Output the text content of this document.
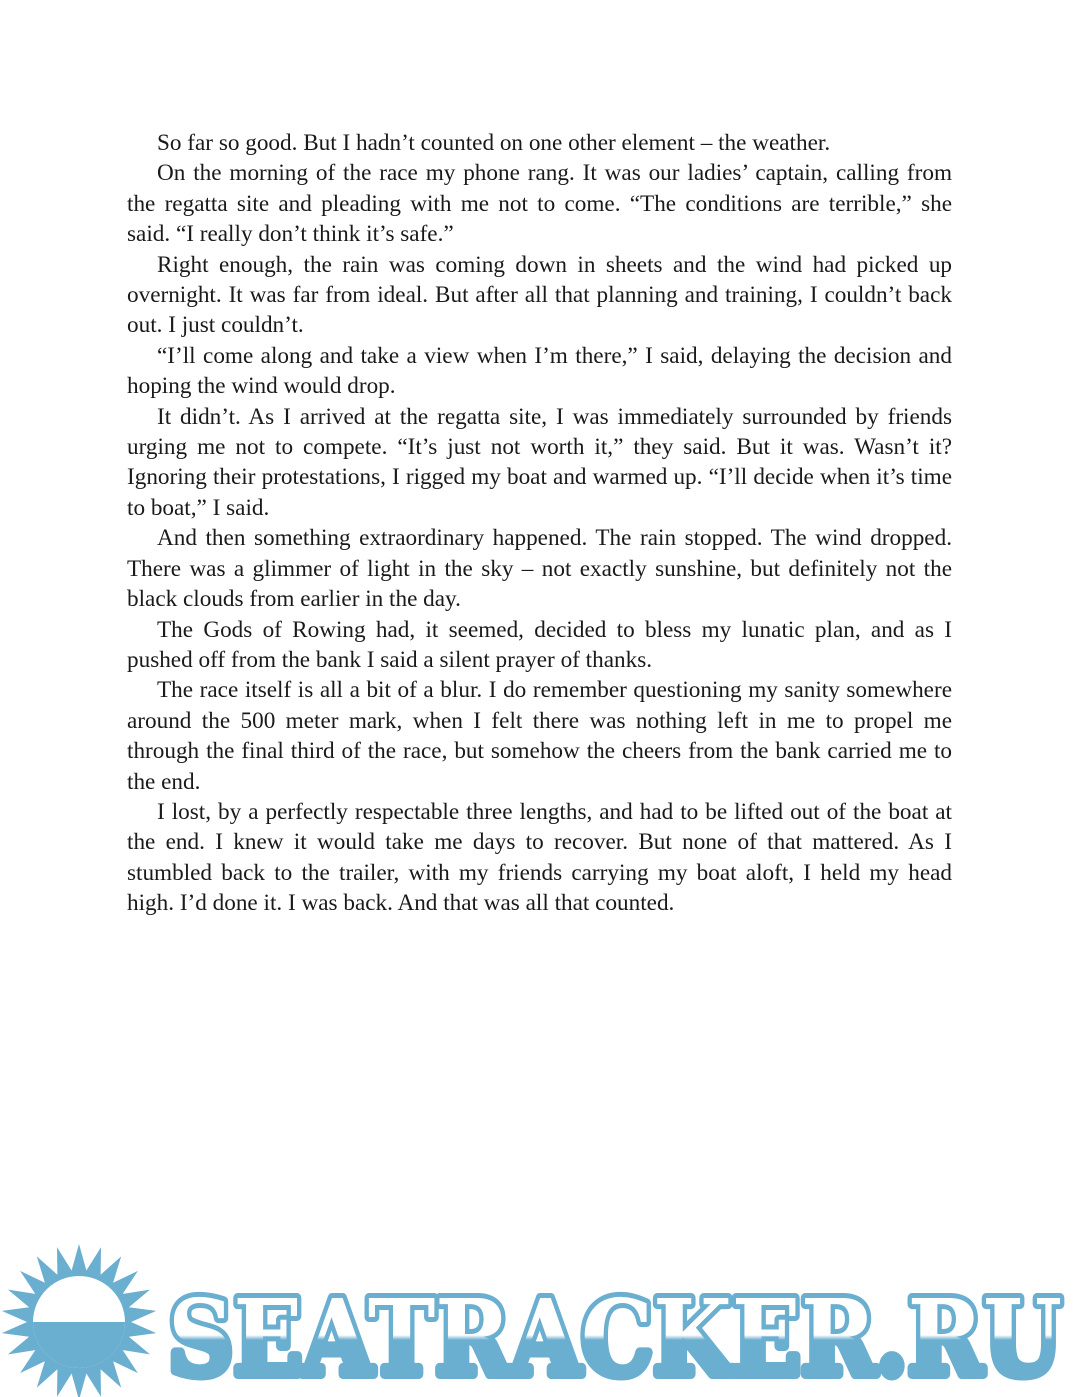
So far so good. But I hadn’t counted on one other element – the weather.

On the morning of the race my phone rang. It was our ladies’ captain, calling from the regatta site and pleading with me not to come. “The conditions are terrible,” she said. “I really don’t think it’s safe.”

Right enough, the rain was coming down in sheets and the wind had picked up overnight. It was far from ideal. But after all that planning and training, I couldn’t back out. I just couldn’t.

“I’ll come along and take a view when I’m there,” I said, delaying the decision and hoping the wind would drop.

It didn’t. As I arrived at the regatta site, I was immediately surrounded by friends urging me not to compete. “It’s just not worth it,” they said. But it was. Wasn’t it? Ignoring their protestations, I rigged my boat and warmed up. “I’ll decide when it’s time to boat,” I said.

And then something extraordinary happened. The rain stopped. The wind dropped. There was a glimmer of light in the sky – not exactly sunshine, but definitely not the black clouds from earlier in the day.

The Gods of Rowing had, it seemed, decided to bless my lunatic plan, and as I pushed off from the bank I said a silent prayer of thanks.

The race itself is all a bit of a blur. I do remember questioning my sanity somewhere around the 500 meter mark, when I felt there was nothing left in me to propel me through the final third of the race, but somehow the cheers from the bank carried me to the end.

I lost, by a perfectly respectable three lengths, and had to be lifted out of the boat at the end. I knew it would take me days to recover. But none of that mattered. As I stumbled back to the trailer, with my friends carrying my boat aloft, I held my head high. I’d done it. I was back. And that was all that counted.

SEATRACKER.RU
SEATRACKER.RU
